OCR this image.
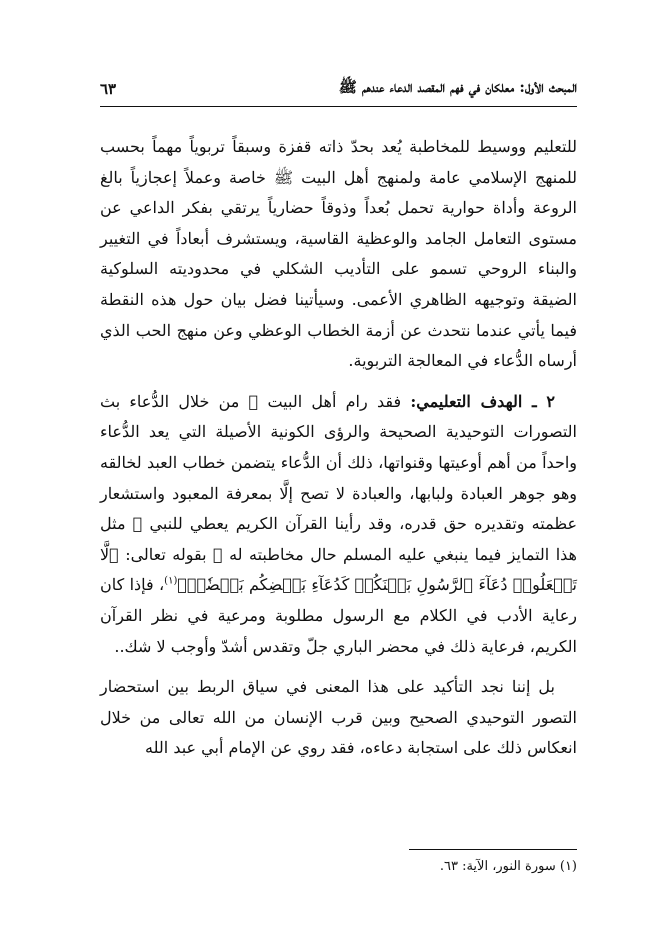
المبحث الأول: معلكان في فهم المقصد الدعاء عندهم ﷺ
٦٣

للتعليم ووسيط للمخاطبة يُعد بحدّ ذاته قفزة وسبقاً تربوياً مهماً بحسب للمنهج الإسلامي عامة ولمنهج أهل البيت ﷺ خاصة وعملاً إعجازياً بالغ الروعة وأداة حوارية تحمل بُعداً وذوقاً حضارياً يرتقي بفكر الداعي عن مستوى التعامل الجامد والوعظية القاسية، ويستشرف أبعاداً في التغيير والبناء الروحي تسمو على التأديب الشكلي في محدوديته السلوكية الضيقة وتوجيهه الظاهري الأعمى. وسيأتينا فضل بيان حول هذه النقطة فيما يأتي عندما نتحدث عن أزمة الخطاب الوعظي وعن منهج الحب الذي أرساه الدُّعاء في المعالجة التربوية.

٢ ـ الهدف التعليمي: فقد رام أهل البيت ﷺ من خلال الدُّعاء بث التصورات التوحيدية الصحيحة والرؤى الكونية الأصيلة التي يعد الدُّعاء واحداً من أهم أوعيتها وقنواتها، ذلك أن الدُّعاء يتضمن خطاب العبد لخالقه وهو جوهر العبادة ولبابها، والعبادة لا تصح إلَّا بمعرفة المعبود واستشعار عظمته وتقديره حق قدره، وقد رأينا القرآن الكريم يعطي للنبي ﷺ مثل هذا التمايز فيما ينبغي عليه المسلم حال مخاطبته له ﷺ بقوله تعالى: ﴿لَّا تَجۡعَلُوا۟ دُعَآءَ ٱلرَّسُولِ بَيۡنَكُمۡ كَدُعَآءِ بَعۡضِكُم بَعۡضٗاۚ﴾$^{(١)}$، فإذا كان رعاية الأدب في الكلام مع الرسول مطلوبة ومرعية في نظر القرآن الكريم، فرعاية ذلك في محضر الباري جلّ وتقدس أشدّ وأوجب لا شك..

بل إننا نجد التأكيد على هذا المعنى في سياق الربط بين استحضار التصور التوحيدي الصحيح وبين قرب الإنسان من الله تعالى من خلال انعكاس ذلك على استجابة دعاءه، فقد روي عن الإمام أبي عبد الله

(١) سورة النور، الآية: ٦٣.
